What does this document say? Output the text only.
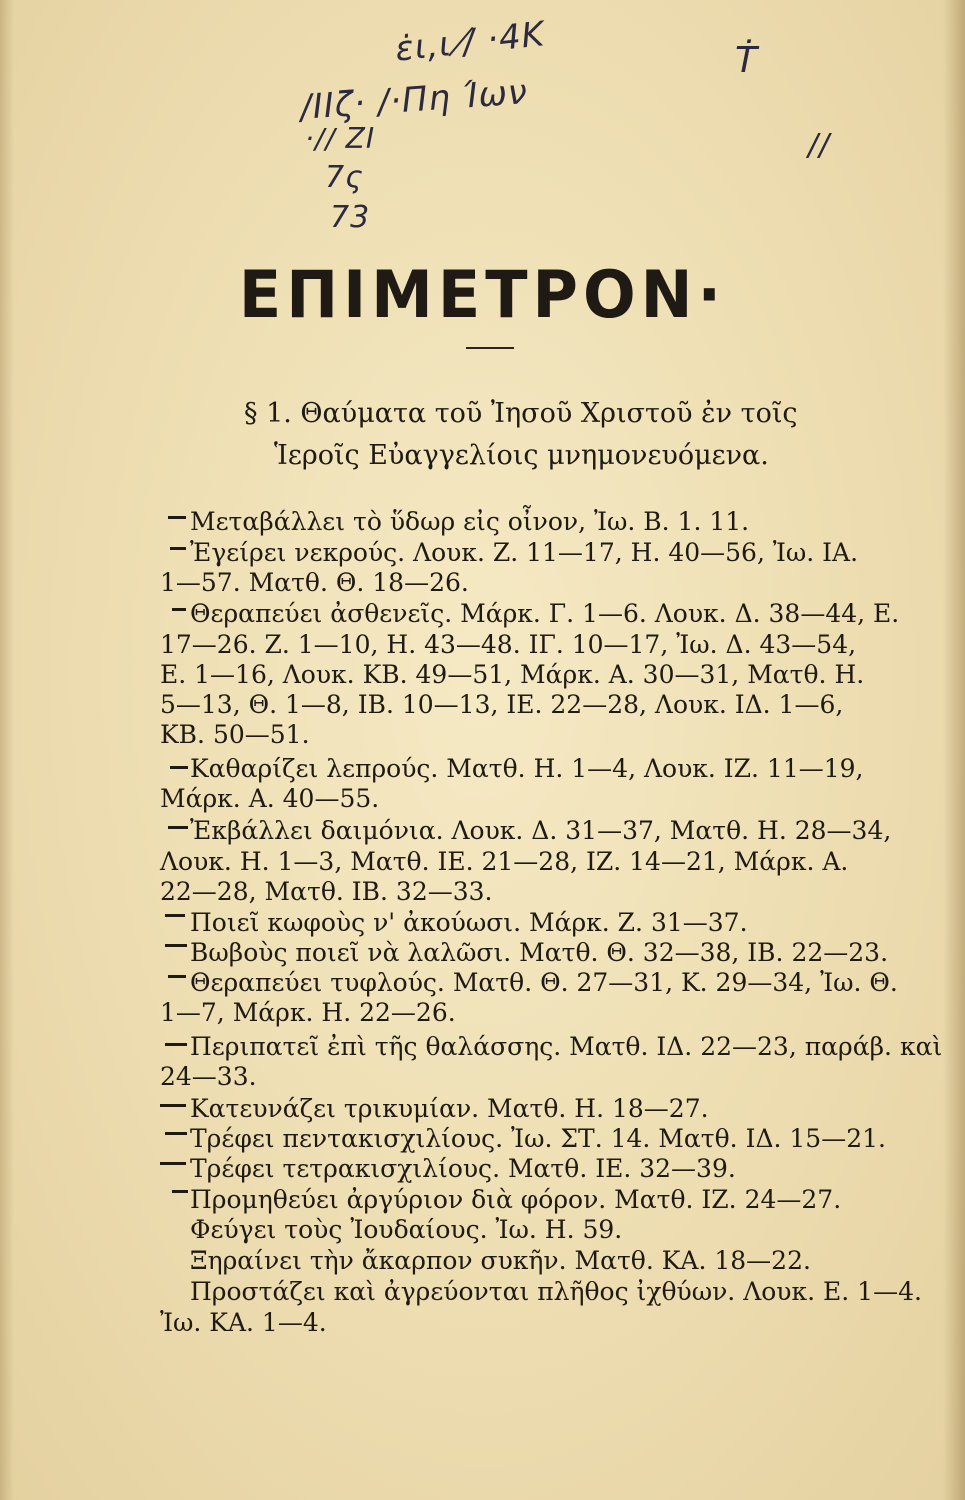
ε̇ι,ι /̸ ·4Κ
/ΙΙζ· /·Πη Ίων
·// ΖΙ
7ς
73
Ṫ
//
ΕΠΙΜΕΤΡΟΝ·
§ 1. Θαύματα τοῦ Ἰησοῦ Χριστοῦ ἐν τοῖς
Ἱεροῖς Εὐαγγελίοις μνημονευόμενα.
Μεταβάλλει τὸ ὕδωρ εἰς οἶνον, Ἰω. Β. 1. 11.
Ἐγείρει νεκρούς. Λουκ. Ζ. 11—17, Η. 40—56, Ἰω. ΙΑ.
1—57. Ματθ. Θ. 18—26.
Θεραπεύει ἀσθενεῖς. Μάρκ. Γ. 1—6. Λουκ. Δ. 38—44, Ε.
17—26. Ζ. 1—10, Η. 43—48. ΙΓ. 10—17, Ἰω. Δ. 43—54,
Ε. 1—16, Λουκ. ΚΒ. 49—51, Μάρκ. Α. 30—31, Ματθ. Η.
5—13, Θ. 1—8, ΙΒ. 10—13, ΙΕ. 22—28, Λουκ. ΙΔ. 1—6,
ΚΒ. 50—51.
Καθαρίζει λεπρούς. Ματθ. Η. 1—4, Λουκ. ΙΖ. 11—19,
Μάρκ. Α. 40—55.
Ἐκβάλλει δαιμόνια. Λουκ. Δ. 31—37, Ματθ. Η. 28—34,
Λουκ. Η. 1—3, Ματθ. ΙΕ. 21—28, ΙΖ. 14—21, Μάρκ. Α.
22—28, Ματθ. ΙΒ. 32—33.
Ποιεῖ κωφοὺς ν' ἀκούωσι. Μάρκ. Ζ. 31—37.
Βωβοὺς ποιεῖ νὰ λαλῶσι. Ματθ. Θ. 32—38, ΙΒ. 22—23.
Θεραπεύει τυφλούς. Ματθ. Θ. 27—31, Κ. 29—34, Ἰω. Θ.
1—7, Μάρκ. Η. 22—26.
Περιπατεῖ ἐπὶ τῆς θαλάσσης. Ματθ. ΙΔ. 22—23, παράβ. καὶ
24—33.
Κατευνάζει τρικυμίαν. Ματθ. Η. 18—27.
Τρέφει πεντακισχιλίους. Ἰω. ΣΤ. 14. Ματθ. ΙΔ. 15—21.
Τρέφει τετρακισχιλίους. Ματθ. ΙΕ. 32—39.
Προμηθεύει ἀργύριον διὰ φόρον. Ματθ. ΙΖ. 24—27.
Φεύγει τοὺς Ἰουδαίους. Ἰω. Η. 59.
Ξηραίνει τὴν ἄκαρπον συκῆν. Ματθ. ΚΑ. 18—22.
Προστάζει καὶ ἀγρεύονται πλῆθος ἰχθύων. Λουκ. Ε. 1—4.
Ἰω. ΚΑ. 1—4.
